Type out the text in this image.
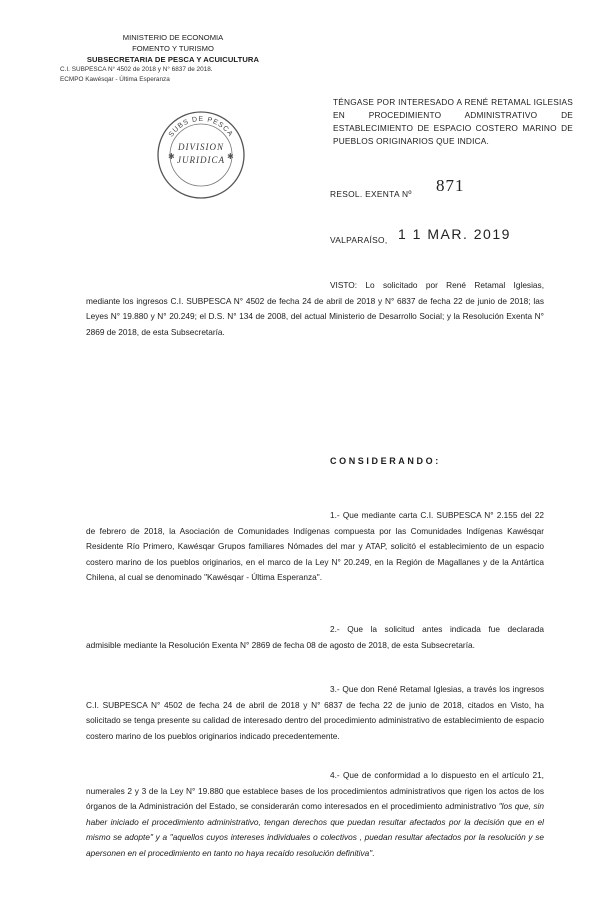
MINISTERIO DE ECONOMIA
FOMENTO Y TURISMO
SUBSECRETARIA DE PESCA Y ACUICULTURA
C.I. SUBPESCA N° 4502 de 2018 y N° 6837 de 2018.
ECMPO Kawésqar - Última Esperanza
SUBS DE PESCA
✱	✱
DIVISION
JURIDICA
TÉNGASE POR INTERESADO A RENÉ RETAMAL IGLESIAS EN PROCEDIMIENTO ADMINISTRATIVO DE ESTABLECIMIENTO DE ESPACIO COSTERO MARINO DE PUEBLOS ORIGINARIOS QUE INDICA.
RESOL. EXENTA Nº 871
VALPARAÍSO, 1 1 MAR. 2019

VISTO: Lo solicitado por René Retamal Iglesias, mediante los ingresos C.I. SUBPESCA N° 4502 de fecha 24 de abril de 2018 y N° 6837 de fecha 22 de junio de 2018; las Leyes N° 19.880 y N° 20.249; el D.S. N° 134 de 2008, del actual Ministerio de Desarrollo Social; y la Resolución Exenta N° 2869 de 2018, de esta Subsecretaría.

CONSIDERANDO:

1.- Que mediante carta C.I. SUBPESCA N° 2.155 del 22 de febrero de 2018, la Asociación de Comunidades Indígenas compuesta por las Comunidades Indígenas Kawésqar Residente Río Primero, Kawésqar Grupos familiares Nómades del mar y ATAP, solicitó el establecimiento de un espacio costero marino de los pueblos originarios, en el marco de la Ley N° 20.249, en la Región de Magallanes y de la Antártica Chilena, al cual se denominado "Kawésqar - Última Esperanza".

2.- Que la solicitud antes indicada fue declarada admisible mediante la Resolución Exenta N° 2869 de fecha 08 de agosto de 2018, de esta Subsecretaría.

3.- Que don René Retamal Iglesias, a través los ingresos C.I. SUBPESCA N° 4502 de fecha 24 de abril de 2018 y N° 6837 de fecha 22 de junio de 2018, citados en Visto, ha solicitado se tenga presente su calidad de interesado dentro del procedimiento administrativo de establecimiento de espacio costero marino de los pueblos originarios indicado precedentemente.

4.- Que de conformidad a lo dispuesto en el artículo 21, numerales 2 y 3 de la Ley N° 19.880 que establece bases de los procedimientos administrativos que rigen los actos de los órganos de la Administración del Estado, se considerarán como interesados en el procedimiento administrativo "los que, sin haber iniciado el procedimiento administrativo, tengan derechos que puedan resultar afectados por la decisión que en el mismo se adopte" y a "aquellos cuyos intereses individuales o colectivos , puedan resultar afectados por la resolución y se apersonen en el procedimiento en tanto no haya recaído resolución definitiva".
